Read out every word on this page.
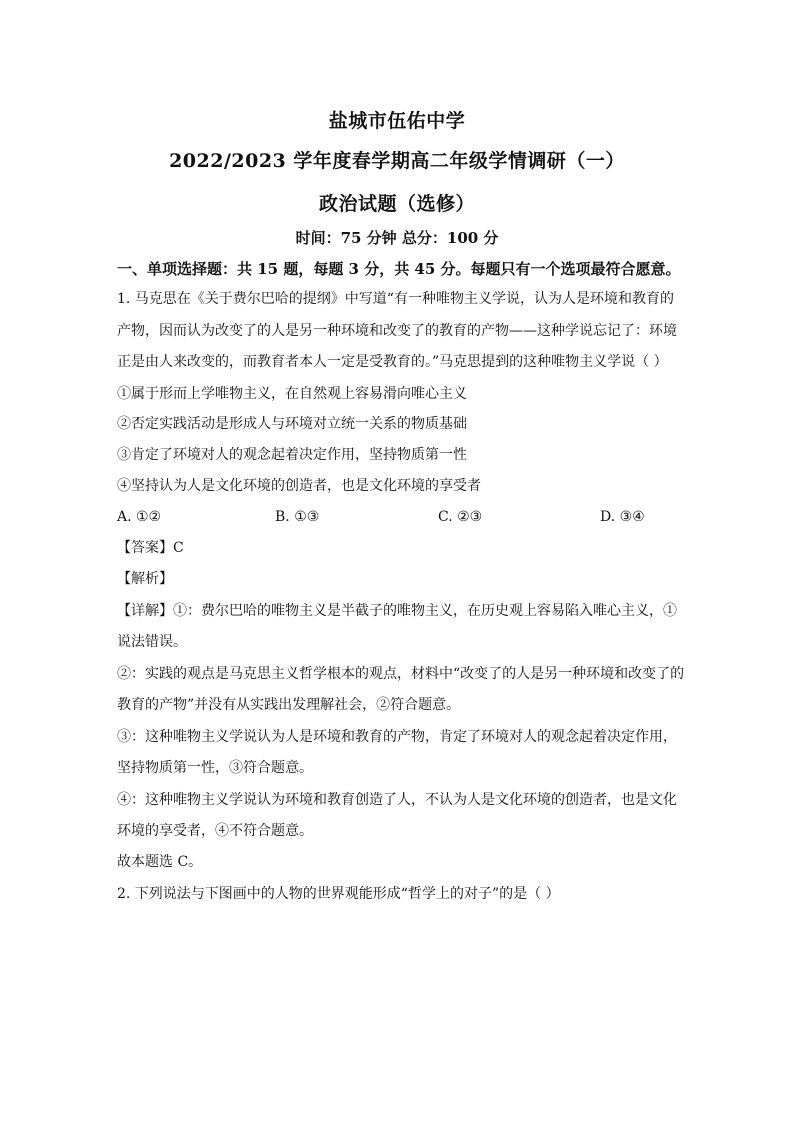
盐城市伍佑中学
2022/2023 学年度春学期高二年级学情调研（一）
政治试题（选修）
时间：75 分钟 总分：100 分
一、单项选择题：共 15 题，每题 3 分，共 45 分。每题只有一个选项最符合愿意。
1. 马克思在《关于费尔巴哈的提纲》中写道“有一种唯物主义学说，认为人是环境和教育的
产物，因而认为改变了的人是另一种环境和改变了的教育的产物——这种学说忘记了：环境
正是由人来改变的，而教育者本人一定是受教育的。”马克思提到的这种唯物主义学说（ ）
①属于形而上学唯物主义，在自然观上容易滑向唯心主义
②否定实践活动是形成人与环境对立统一关系的物质基础
③肯定了环境对人的观念起着决定作用，坚持物质第一性
④坚持认为人是文化环境的创造者，也是文化环境的享受者
A. ①②	B. ①③	C. ②③	D. ③④
【答案】C
【解析】
【详解】①：费尔巴哈的唯物主义是半截子的唯物主义，在历史观上容易陷入唯心主义，①
说法错误。
②：实践的观点是马克思主义哲学根本的观点，材料中“改变了的人是另一种环境和改变了的
教育的产物”并没有从实践出发理解社会，②符合题意。
③：这种唯物主义学说认为人是环境和教育的产物，肯定了环境对人的观念起着决定作用，
坚持物质第一性，③符合题意。
④：这种唯物主义学说认为环境和教育创造了人，不认为人是文化环境的创造者，也是文化
环境的享受者，④不符合题意。
故本题选 C。
2. 下列说法与下图画中的人物的世界观能形成“哲学上的对子”的是（ ）
